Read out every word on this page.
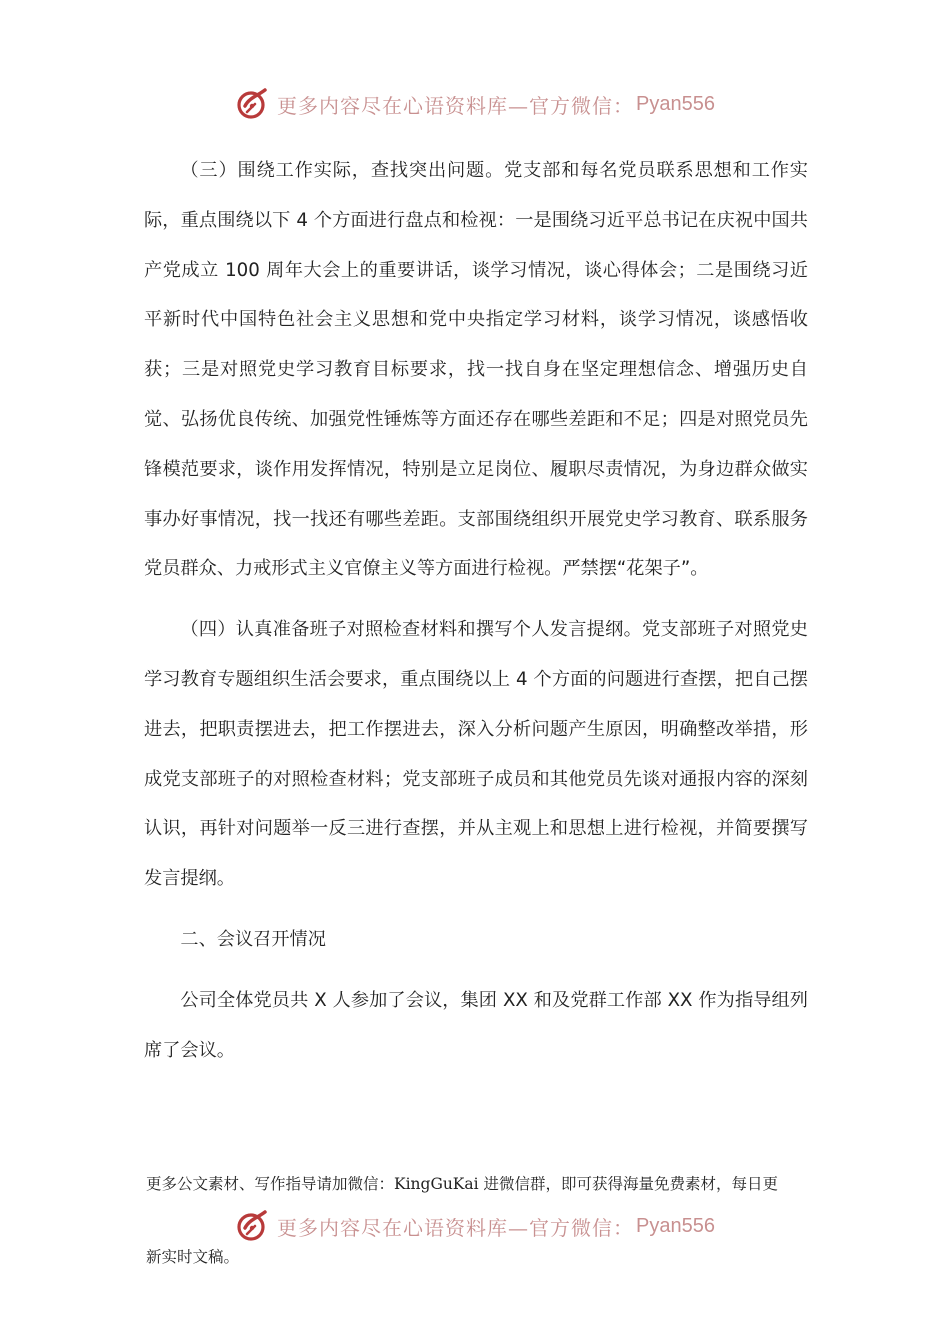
更多内容尽在心语资料库—官方微信： Pyan556

（三）围绕工作实际，查找突出问题。党支部和每名党员联系思想和工作实际，重点围绕以下 4 个方面进行盘点和检视：一是围绕习近平总书记在庆祝中国共产党成立 100 周年大会上的重要讲话，谈学习情况，谈心得体会；二是围绕习近平新时代中国特色社会主义思想和党中央指定学习材料，谈学习情况，谈感悟收获；三是对照党史学习教育目标要求，找一找自身在坚定理想信念、增强历史自觉、弘扬优良传统、加强党性锤炼等方面还存在哪些差距和不足；四是对照党员先锋模范要求，谈作用发挥情况，特别是立足岗位、履职尽责情况，为身边群众做实事办好事情况，找一找还有哪些差距。支部围绕组织开展党史学习教育、联系服务党员群众、力戒形式主义官僚主义等方面进行检视。严禁摆“花架子”。

（四）认真准备班子对照检查材料和撰写个人发言提纲。党支部班子对照党史学习教育专题组织生活会要求，重点围绕以上 4 个方面的问题进行查摆，把自己摆进去，把职责摆进去，把工作摆进去，深入分析问题产生原因，明确整改举措，形成党支部班子的对照检查材料；党支部班子成员和其他党员先谈对通报内容的深刻认识，再针对问题举一反三进行查摆，并从主观上和思想上进行检视，并简要撰写发言提纲。

二、会议召开情况

公司全体党员共 X 人参加了会议，集团 XX 和及党群工作部 XX 作为指导组列席了会议。

更多公文素材、写作指导请加微信：KingGuKai 进微信群，即可获得海量免费素材，每日更
更多内容尽在心语资料库—官方微信： Pyan556
新实时文稿。
